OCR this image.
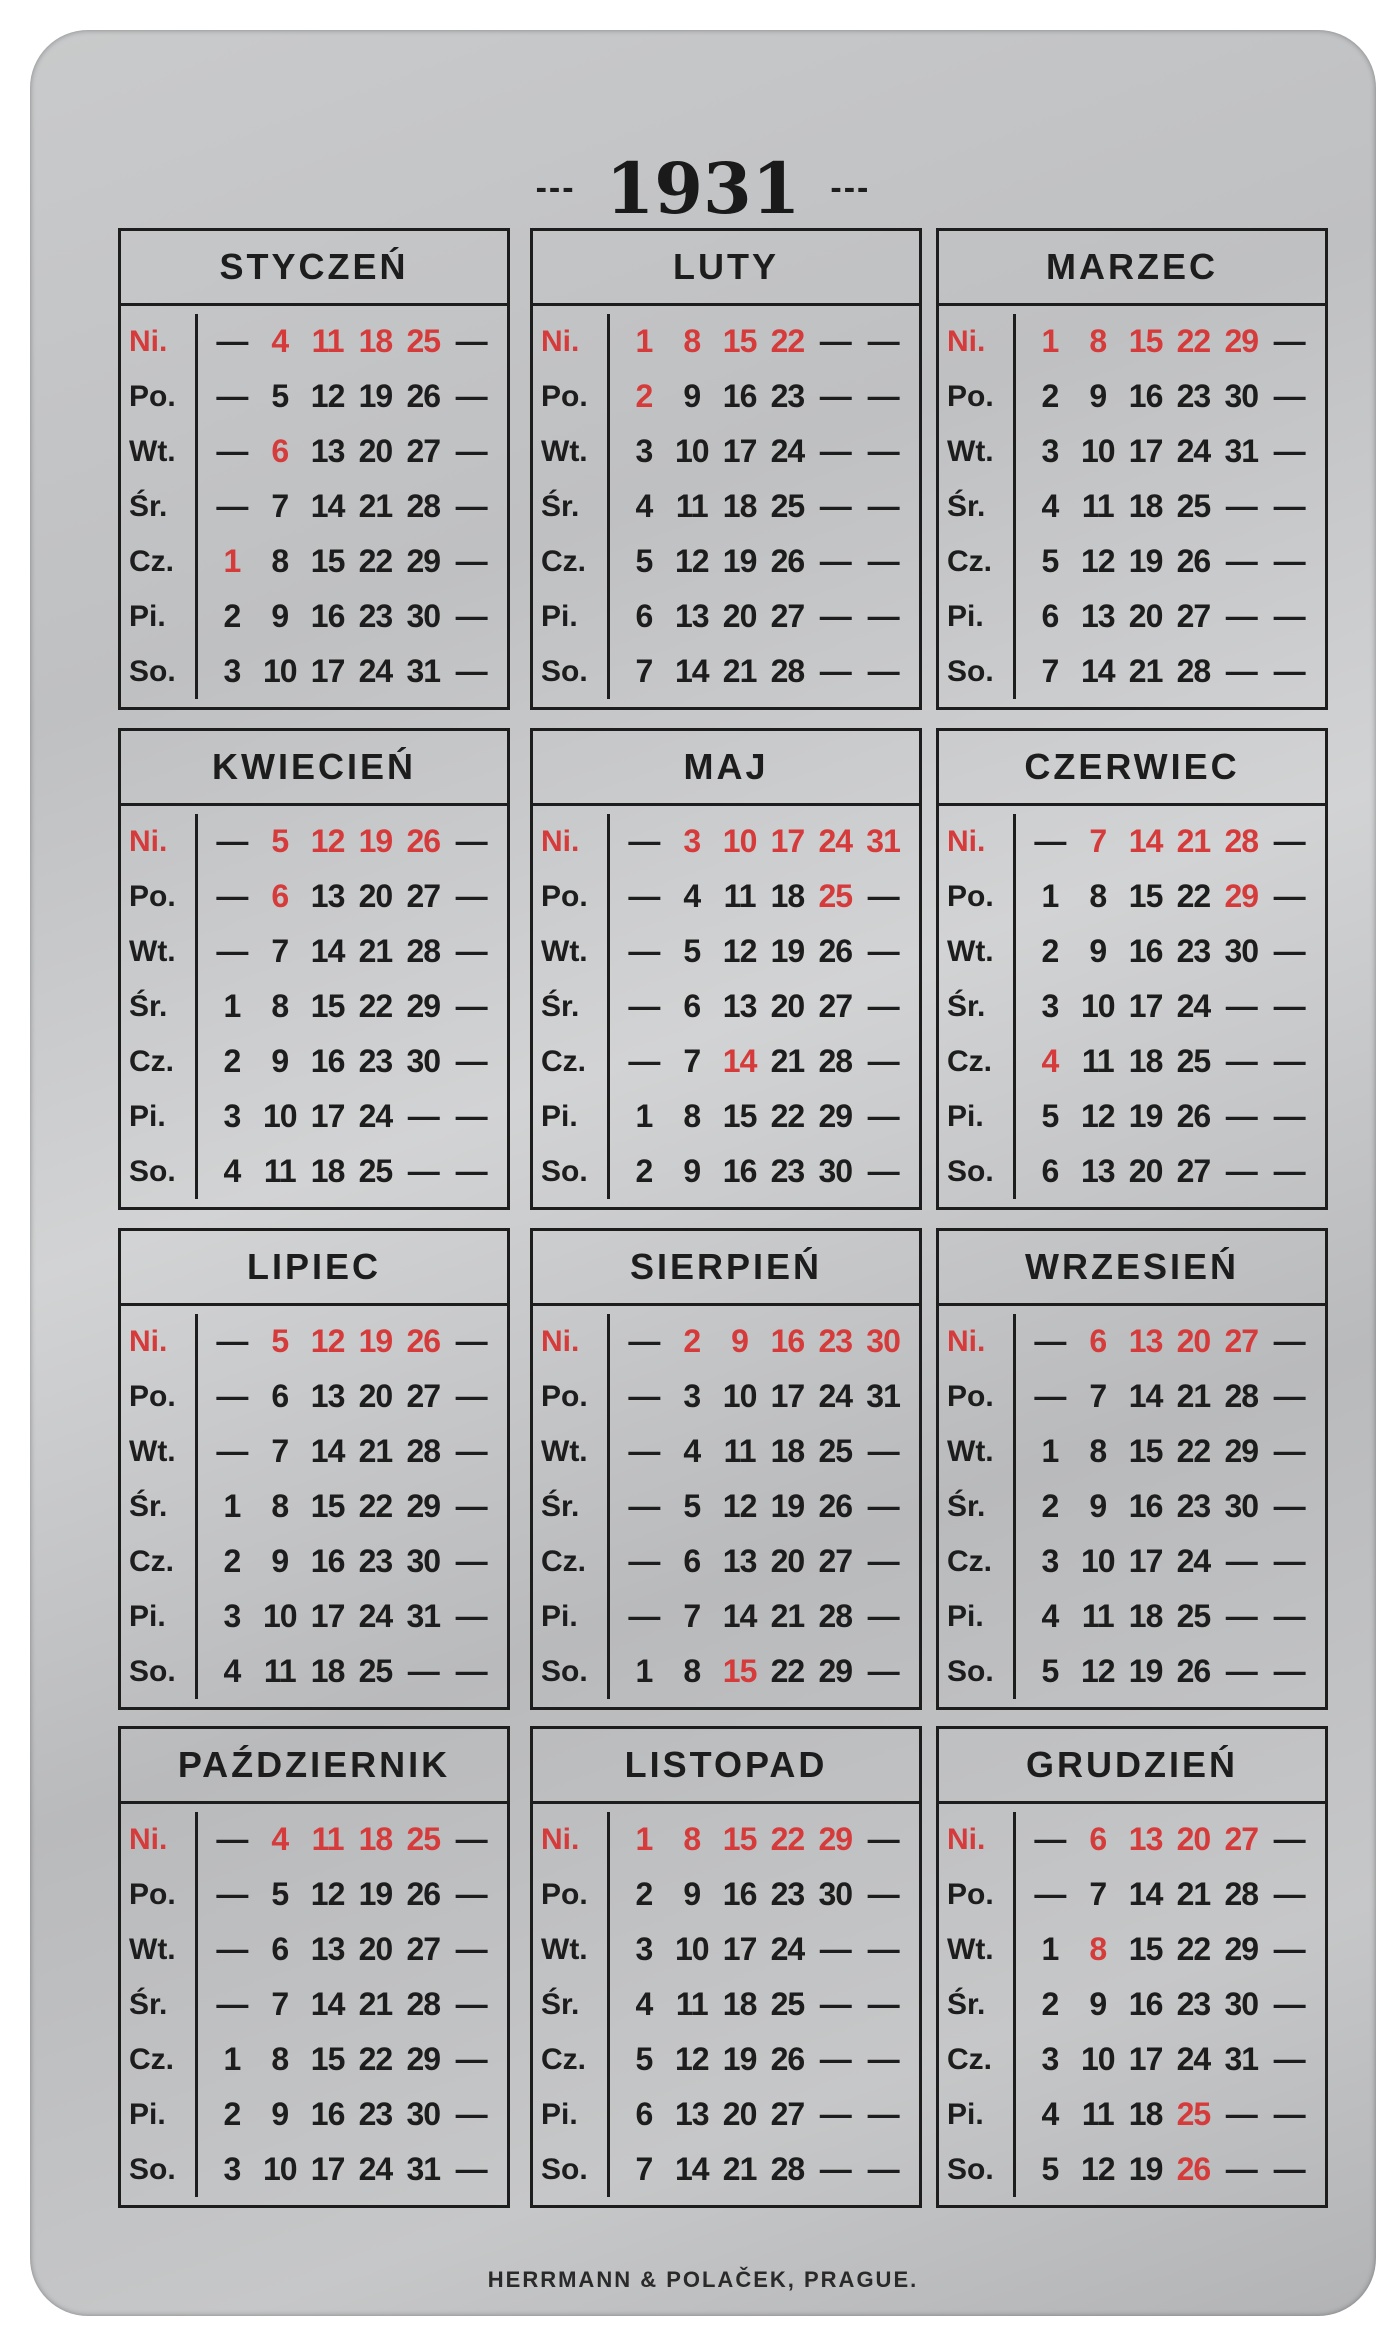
--- 1931 ---
STYCZEŃ
Ni.
Po.
Wt.
Śr.
Cz.
Pi.
So.
— 4 11 18 25 —
— 5 12 19 26 —
— 6 13 20 27 —
— 7 14 21 28 —
1 8 15 22 29 —
2 9 16 23 30 —
3 10 17 24 31 —
LUTY
Ni.
Po.
Wt.
Śr.
Cz.
Pi.
So.
1 8 15 22 — —
2 9 16 23 — —
3 10 17 24 — —
4 11 18 25 — —
5 12 19 26 — —
6 13 20 27 — —
7 14 21 28 — —
MARZEC
Ni.
Po.
Wt.
Śr.
Cz.
Pi.
So.
1 8 15 22 29 —
2 9 16 23 30 —
3 10 17 24 31 —
4 11 18 25 — —
5 12 19 26 — —
6 13 20 27 — —
7 14 21 28 — —
KWIECIEŃ
Ni.
Po.
Wt.
Śr.
Cz.
Pi.
So.
— 5 12 19 26 —
— 6 13 20 27 —
— 7 14 21 28 —
1 8 15 22 29 —
2 9 16 23 30 —
3 10 17 24 — —
4 11 18 25 — —
MAJ
Ni.
Po.
Wt.
Śr.
Cz.
Pi.
So.
— 3 10 17 24 31
— 4 11 18 25 —
— 5 12 19 26 —
— 6 13 20 27 —
— 7 14 21 28 —
1 8 15 22 29 —
2 9 16 23 30 —
CZERWIEC
Ni.
Po.
Wt.
Śr.
Cz.
Pi.
So.
— 7 14 21 28 —
1 8 15 22 29 —
2 9 16 23 30 —
3 10 17 24 — —
4 11 18 25 — —
5 12 19 26 — —
6 13 20 27 — —
LIPIEC
Ni.
Po.
Wt.
Śr.
Cz.
Pi.
So.
— 5 12 19 26 —
— 6 13 20 27 —
— 7 14 21 28 —
1 8 15 22 29 —
2 9 16 23 30 —
3 10 17 24 31 —
4 11 18 25 — —
SIERPIEŃ
Ni.
Po.
Wt.
Śr.
Cz.
Pi.
So.
— 2 9 16 23 30
— 3 10 17 24 31
— 4 11 18 25 —
— 5 12 19 26 —
— 6 13 20 27 —
— 7 14 21 28 —
1 8 15 22 29 —
WRZESIEŃ
Ni.
Po.
Wt.
Śr.
Cz.
Pi.
So.
— 6 13 20 27 —
— 7 14 21 28 —
1 8 15 22 29 —
2 9 16 23 30 —
3 10 17 24 — —
4 11 18 25 — —
5 12 19 26 — —
PAŹDZIERNIK
Ni.
Po.
Wt.
Śr.
Cz.
Pi.
So.
— 4 11 18 25 —
— 5 12 19 26 —
— 6 13 20 27 —
— 7 14 21 28 —
1 8 15 22 29 —
2 9 16 23 30 —
3 10 17 24 31 —
LISTOPAD
Ni.
Po.
Wt.
Śr.
Cz.
Pi.
So.
1 8 15 22 29 —
2 9 16 23 30 —
3 10 17 24 — —
4 11 18 25 — —
5 12 19 26 — —
6 13 20 27 — —
7 14 21 28 — —
GRUDZIEŃ
Ni.
Po.
Wt.
Śr.
Cz.
Pi.
So.
— 6 13 20 27 —
— 7 14 21 28 —
1 8 15 22 29 —
2 9 16 23 30 —
3 10 17 24 31 —
4 11 18 25 — —
5 12 19 26 — —
HERRMANN & POLAČEK, PRAGUE.
